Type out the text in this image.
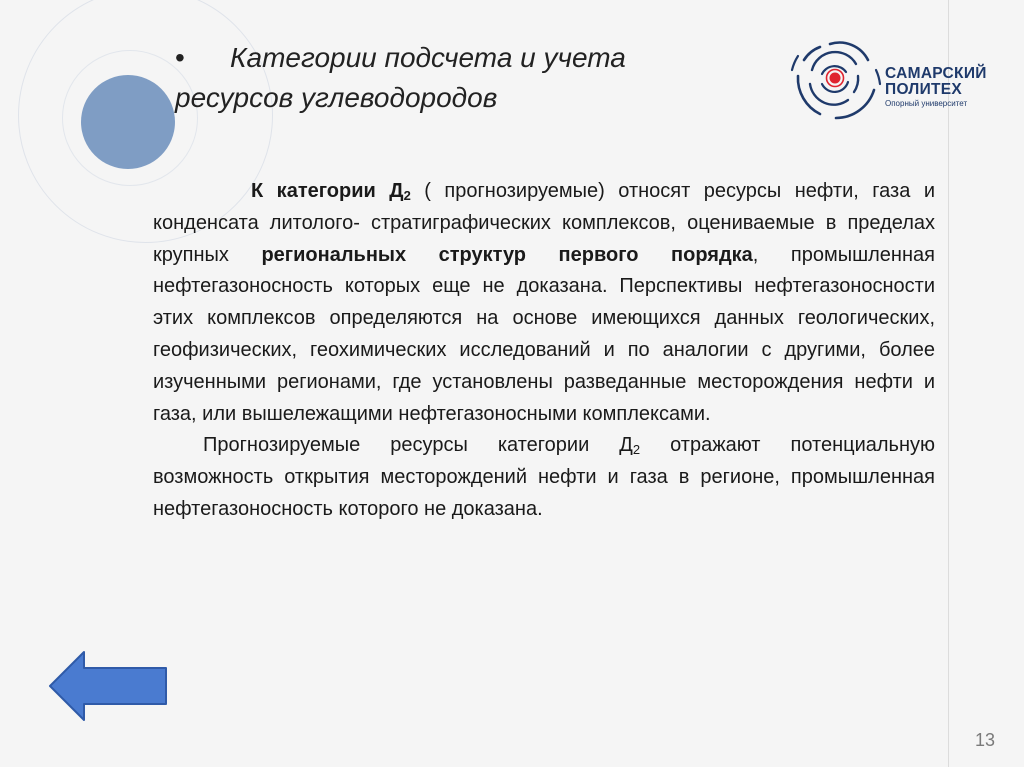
• Категории подсчета и учета
ресурсов углеводородов
САМАРСКИЙ
ПОЛИТЕХ
Опорный университет

К категории $Д_2$ ( прогнозируемые) относят ресурсы нефти, газа и конденсата литолого- стратиграфических комплексов, оцениваемые в пределах крупных региональных структур первого порядка, промышленная нефтегазоносность которых еще не доказана. Перспективы нефтегазоносности этих комплексов определяются на основе имеющихся данных геологических, геофизических, геохимических исследований и по аналогии с другими, более изученными регионами, где установлены разведанные месторождения нефти и газа, или вышележащими нефтегазоносными комплексами.

Прогнозируемые ресурсы категории $Д_2$ отражают потенциальную возможность открытия месторождений нефти и газа в регионе, промышленная нефтегазоносность которого не доказана.

13
